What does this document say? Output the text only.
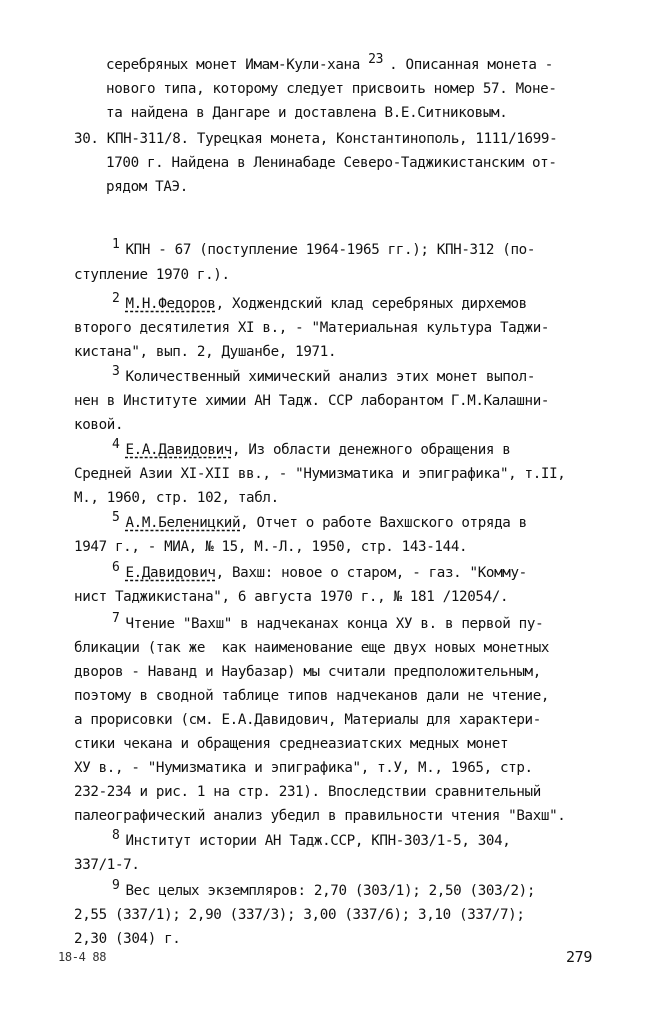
серебряных монет Имам-Кули-хана 23 . Описанная монета -
нового типа, которому следует присвоить номер 57. Моне-
та найдена в Дангаре и доставлена В.Е.Ситниковым.
30. КПН-311/8. Турецкая монета, Константинополь, 1111/1699-
1700 г. Найдена в Ленинабаде Северо-Таджикистанским от-
рядом ТАЭ.
1 КПН - 67 (поступление 1964-1965 гг.); КПН-312 (по-
ступление 1970 г.).
2 М.Н.Федоров, Ходжендский клад серебряных дирхемов
второго десятилетия XI в., - "Материальная культура Таджи-
кистана", вып. 2, Душанбе, 1971.
3 Количественный химический анализ этих монет выпол-
нен в Институте химии АН Тадж. ССР лаборантом Г.М.Калашни-
ковой.
4 Е.А.Давидович, Из области денежного обращения в
Средней Азии XI-XII вв., - "Нумизматика и эпиграфика", т.II,
М., 1960, стр. 102, табл.
5 А.М.Беленицкий, Отчет о работе Вахшского отряда в
1947 г., - МИА, № 15, М.-Л., 1950, стр. 143-144.
6 Е.Давидович, Вахш: новое о старом, - газ. "Комму-
нист Таджикистана", 6 августа 1970 г., № 181 /12054/.
7 Чтение "Вахш" в надчеканах конца ХУ в. в первой пу-
бликации (так же  как наименование еще двух новых монетных
дворов - Наванд и Наубазар) мы считали предположительным,
поэтому в сводной таблице типов надчеканов дали не чтение,
а прорисовки (см. Е.А.Давидович, Материалы для характери-
стики чекана и обращения среднеазиатских медных монет
ХУ в., - "Нумизматика и эпиграфика", т.У, М., 1965, стр.
232-234 и рис. 1 на стр. 231). Впоследствии сравнительный
палеографический анализ убедил в правильности чтения "Вахш".
8 Институт истории АН Тадж.ССР, КПН-303/1-5, 304,
337/1-7.
9 Вес целых экземпляров: 2,70 (303/1); 2,50 (303/2);
2,55 (337/1); 2,90 (337/3); 3,00 (337/6); 3,10 (337/7);
2,30 (304) г.
18-4 88	279
